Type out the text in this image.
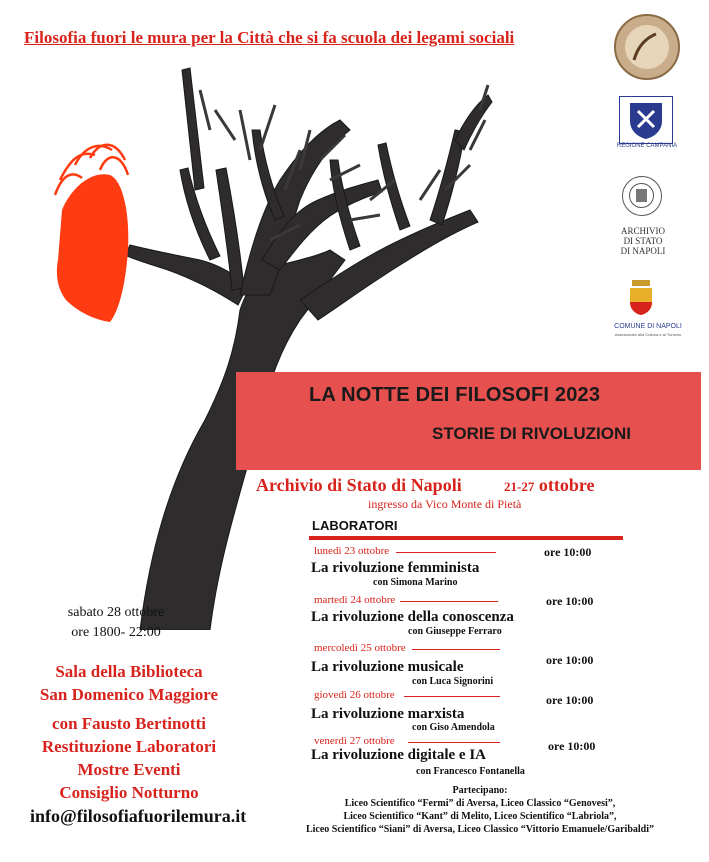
Filosofia fuori le mura per la Città che si fa scuola dei legami sociali
REGIONE CAMPANIA
ARCHIVIO
DI STATO
DI NAPOLI
COMUNE DI NAPOLI
Assessorato alla Cultura e al Turismo
LA NOTTE DEI FILOSOFI 2023
STORIE DI RIVOLUZIONI
Archivio di Stato di Napoli	21-27 ottobre
ingresso da Vico Monte di Pietà
LABORATORI
lunedì 23 ottobre	ore 10:00
La rivoluzione femminista
con Simona Marino
martedì 24 ottobre	ore 10:00
La rivoluzione della conoscenza
con Giuseppe Ferraro
mercoledì 25 ottobre
ore 10:00
La rivoluzione musicale
con Luca Signorini
giovedì 26 ottobre	ore 10:00
La rivoluzione marxista
con Giso Amendola
venerdì 27 ottobre	ore 10:00
La rivoluzione digitale e IA
con Francesco Fontanella
sabato 28 ottobre
ore 1800- 22:00
Sala della Biblioteca
San Domenico Maggiore
con Fausto Bertinotti
Restituzione Laboratori
Mostre Eventi
Consiglio Notturno
info@filosofiafuorilemura.it
Partecipano:
Liceo Scientifico “Fermi” di Aversa, Liceo Classico “Genovesi”,
Liceo Scientifico “Kant” di Melito, Liceo Scientifico “Labriola”,
Liceo Scientifico “Siani” di Aversa, Liceo Classico “Vittorio Emanuele/Garibaldi”
